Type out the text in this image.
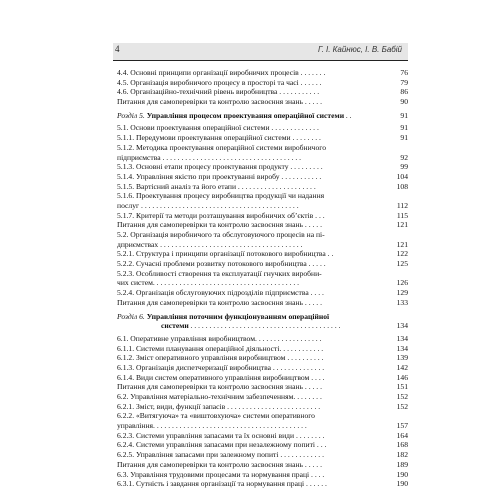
4	Г. І. Кайнюс, І. В. Бабій
4.4. Основні принципи організації виробничих процесів . . . . . . .	76
4.5. Організація виробничого процесу в просторі та часі . . . . . .	79
4.6. Організаційно-технічний рівень виробництва . . . . . . . . . . .	86
Питання для самоперевірки та контролю засвоєння знань . . . . .	90
Розділ 5. Управління процесом проектування операційної системи . .	91
5.1. Основи проектування операційної системи . . . . . . . . . . . . .	91
5.1.1. Передумови проектування операційної системи . . . . . . . .	91
5.1.2. Методика проектування операційної системи виробничого
підприємства . . . . . . . . . . . . . . . . . . . . . . . . . . . . . . . . . . . . .	92
5.1.3. Основні етапи процесу проектування продукту . . . . . . . . .	99
5.1.4. Управління якістю при проектуванні виробу . . . . . . . . . . .	104
5.1.5. Вартісний аналіз та його етапи . . . . . . . . . . . . . . . . . . . . .	108
5.1.6. Проектування процесу виробництва продукції чи надання
послуг . . . . . . . . . . . . . . . . . . . . . . . . . . . . . . . . . . . . . . . . . .	112
5.1.7. Критерії та методи розташування виробничих об’єктів . . .	115
Питання для самоперевірки та контролю засвоєння знань . . . . .	121
5.2. Організація виробничого та обслуговуючого процесів на пі-
дприємствах . . . . . . . . . . . . . . . . . . . . . . . . . . . . . . . . . . . . . .	121
5.2.1. Структура і принципи організації потокового виробництва . .	122
5.2.2. Сучасні проблеми розвитку потокового виробництва . . . . .	125
5.2.3. Особливості створення та експлуатації гнучких виробни-
чих систем. . . . . . . . . . . . . . . . . . . . . . . . . . . . . . . . . . . . . . .	126
5.2.4. Організація обслуговуючих підрозділів підприємства . . . .	129
Питання для самоперевірки та контролю засвоєння знань . . . . .	133
Розділ 6. Управління поточним функціонуванням операційної
системи . . . . . . . . . . . . . . . . . . . . . . . . . . . . . . . . . . . . . . . .	134
6.1. Оперативне управління виробництвом. . . . . . . . . . . . . . . . . .	134
6.1.1. Системи планування операційної діяльності. . . . . . . . . . . .	134
6.1.2. Зміст оперативного управління виробництвом . . . . . . . . . .	139
6.1.3. Організація диспетчеризації виробництва . . . . . . . . . . . . . .	142
6.1.4. Види систем оперативного управління виробництвом . . . .	146
Питання для самоперевірки та контролю засвоєння знань . . . . .	151
6.2. Управління матеріально-технічним забезпеченням. . . . . . . .	152
6.2.1. Зміст, види, функції запасів . . . . . . . . . . . . . . . . . . . . . . . . .	152
6.2.2. «Витягуюча» та «виштовхуюча» системи оперативного
управління. . . . . . . . . . . . . . . . . . . . . . . . . . . . . . . . . . . . . . . . .	157
6.2.3. Системи управління запасами та їх основні види . . . . . . . .	164
6.2.4. Системи управління запасами при незалежному попиті . . .	168
6.2.5. Управління запасами при залежному попиті . . . . . . . . . . . .	182
Питання для самоперевірки та контролю засвоєння знань . . . . .	189
6.3. Управління трудовими процесами та нормування праці . . . .	190
6.3.1. Сутність і завдання організації та нормування праці . . . . . .	190
